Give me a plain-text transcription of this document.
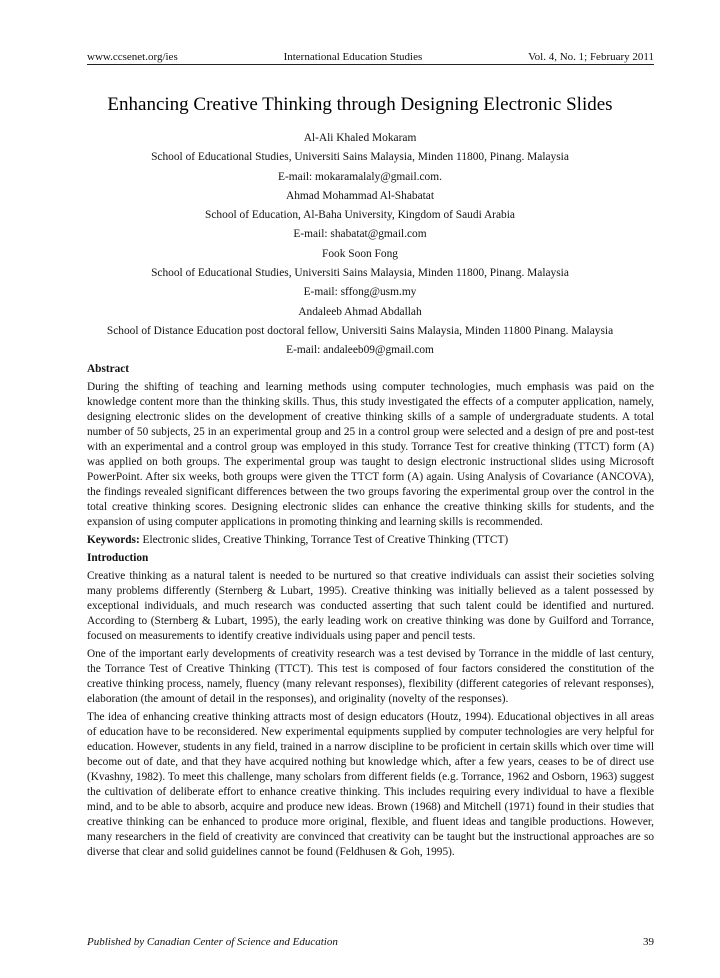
www.ccsenet.org/ies	International Education Studies	Vol. 4, No. 1; February 2011
Enhancing Creative Thinking through Designing Electronic Slides
Al-Ali Khaled Mokaram
School of Educational Studies, Universiti Sains Malaysia, Minden 11800, Pinang. Malaysia
E-mail: mokaramalaly@gmail.com.
Ahmad Mohammad Al-Shabatat
School of Education, Al-Baha University, Kingdom of Saudi Arabia
E-mail: shabatat@gmail.com
Fook Soon Fong
School of Educational Studies, Universiti Sains Malaysia, Minden 11800, Pinang. Malaysia
E-mail: sffong@usm.my
Andaleeb Ahmad Abdallah
School of Distance Education post doctoral fellow, Universiti Sains Malaysia, Minden 11800 Pinang. Malaysia
E-mail: andaleeb09@gmail.com
Abstract

During the shifting of teaching and learning methods using computer technologies, much emphasis was paid on the knowledge content more than the thinking skills. Thus, this study investigated the effects of a computer application, namely, designing electronic slides on the development of creative thinking skills of a sample of undergraduate students. A total number of 50 subjects, 25 in an experimental group and 25 in a control group were selected and a design of pre and post-test with an experimental and a control group was employed in this study. Torrance Test for creative thinking (TTCT) form (A) was applied on both groups. The experimental group was taught to design electronic instructional slides using Microsoft PowerPoint. After six weeks, both groups were given the TTCT form (A) again. Using Analysis of Covariance (ANCOVA), the findings revealed significant differences between the two groups favoring the experimental group over the control in the total creative thinking scores. Designing electronic slides can enhance the creative thinking skills for students, and the expansion of using computer applications in promoting thinking and learning skills is recommended.

Keywords: Electronic slides, Creative Thinking, Torrance Test of Creative Thinking (TTCT)
Introduction

Creative thinking as a natural talent is needed to be nurtured so that creative individuals can assist their societies solving many problems differently (Sternberg & Lubart, 1995). Creative thinking was initially believed as a talent possessed by exceptional individuals, and much research was conducted asserting that such talent could be identified and nurtured. According to (Sternberg & Lubart, 1995), the early leading work on creative thinking was done by Guilford and Torrance, focused on measurements to identify creative individuals using paper and pencil tests.

One of the important early developments of creativity research was a test devised by Torrance in the middle of last century, the Torrance Test of Creative Thinking (TTCT). This test is composed of four factors considered the constitution of the creative thinking process, namely, fluency (many relevant responses), flexibility (different categories of relevant responses), elaboration (the amount of detail in the responses), and originality (novelty of the responses).

The idea of enhancing creative thinking attracts most of design educators (Houtz, 1994). Educational objectives in all areas of education have to be reconsidered. New experimental equipments supplied by computer technologies are very helpful for education. However, students in any field, trained in a narrow discipline to be proficient in certain skills which over time will become out of date, and that they have acquired nothing but knowledge which, after a few years, ceases to be of direct use (Kvashny, 1982). To meet this challenge, many scholars from different fields (e.g. Torrance, 1962 and Osborn, 1963) suggest the cultivation of deliberate effort to enhance creative thinking. This includes requiring every individual to have a flexible mind, and to be able to absorb, acquire and produce new ideas. Brown (1968) and Mitchell (1971) found in their studies that creative thinking can be enhanced to produce more original, flexible, and fluent ideas and tangible productions. However, many researchers in the field of creativity are convinced that creativity can be taught but the instructional approaches are so diverse that clear and solid guidelines cannot be found (Feldhusen & Goh, 1995).

Published by Canadian Center of Science and Education	39
